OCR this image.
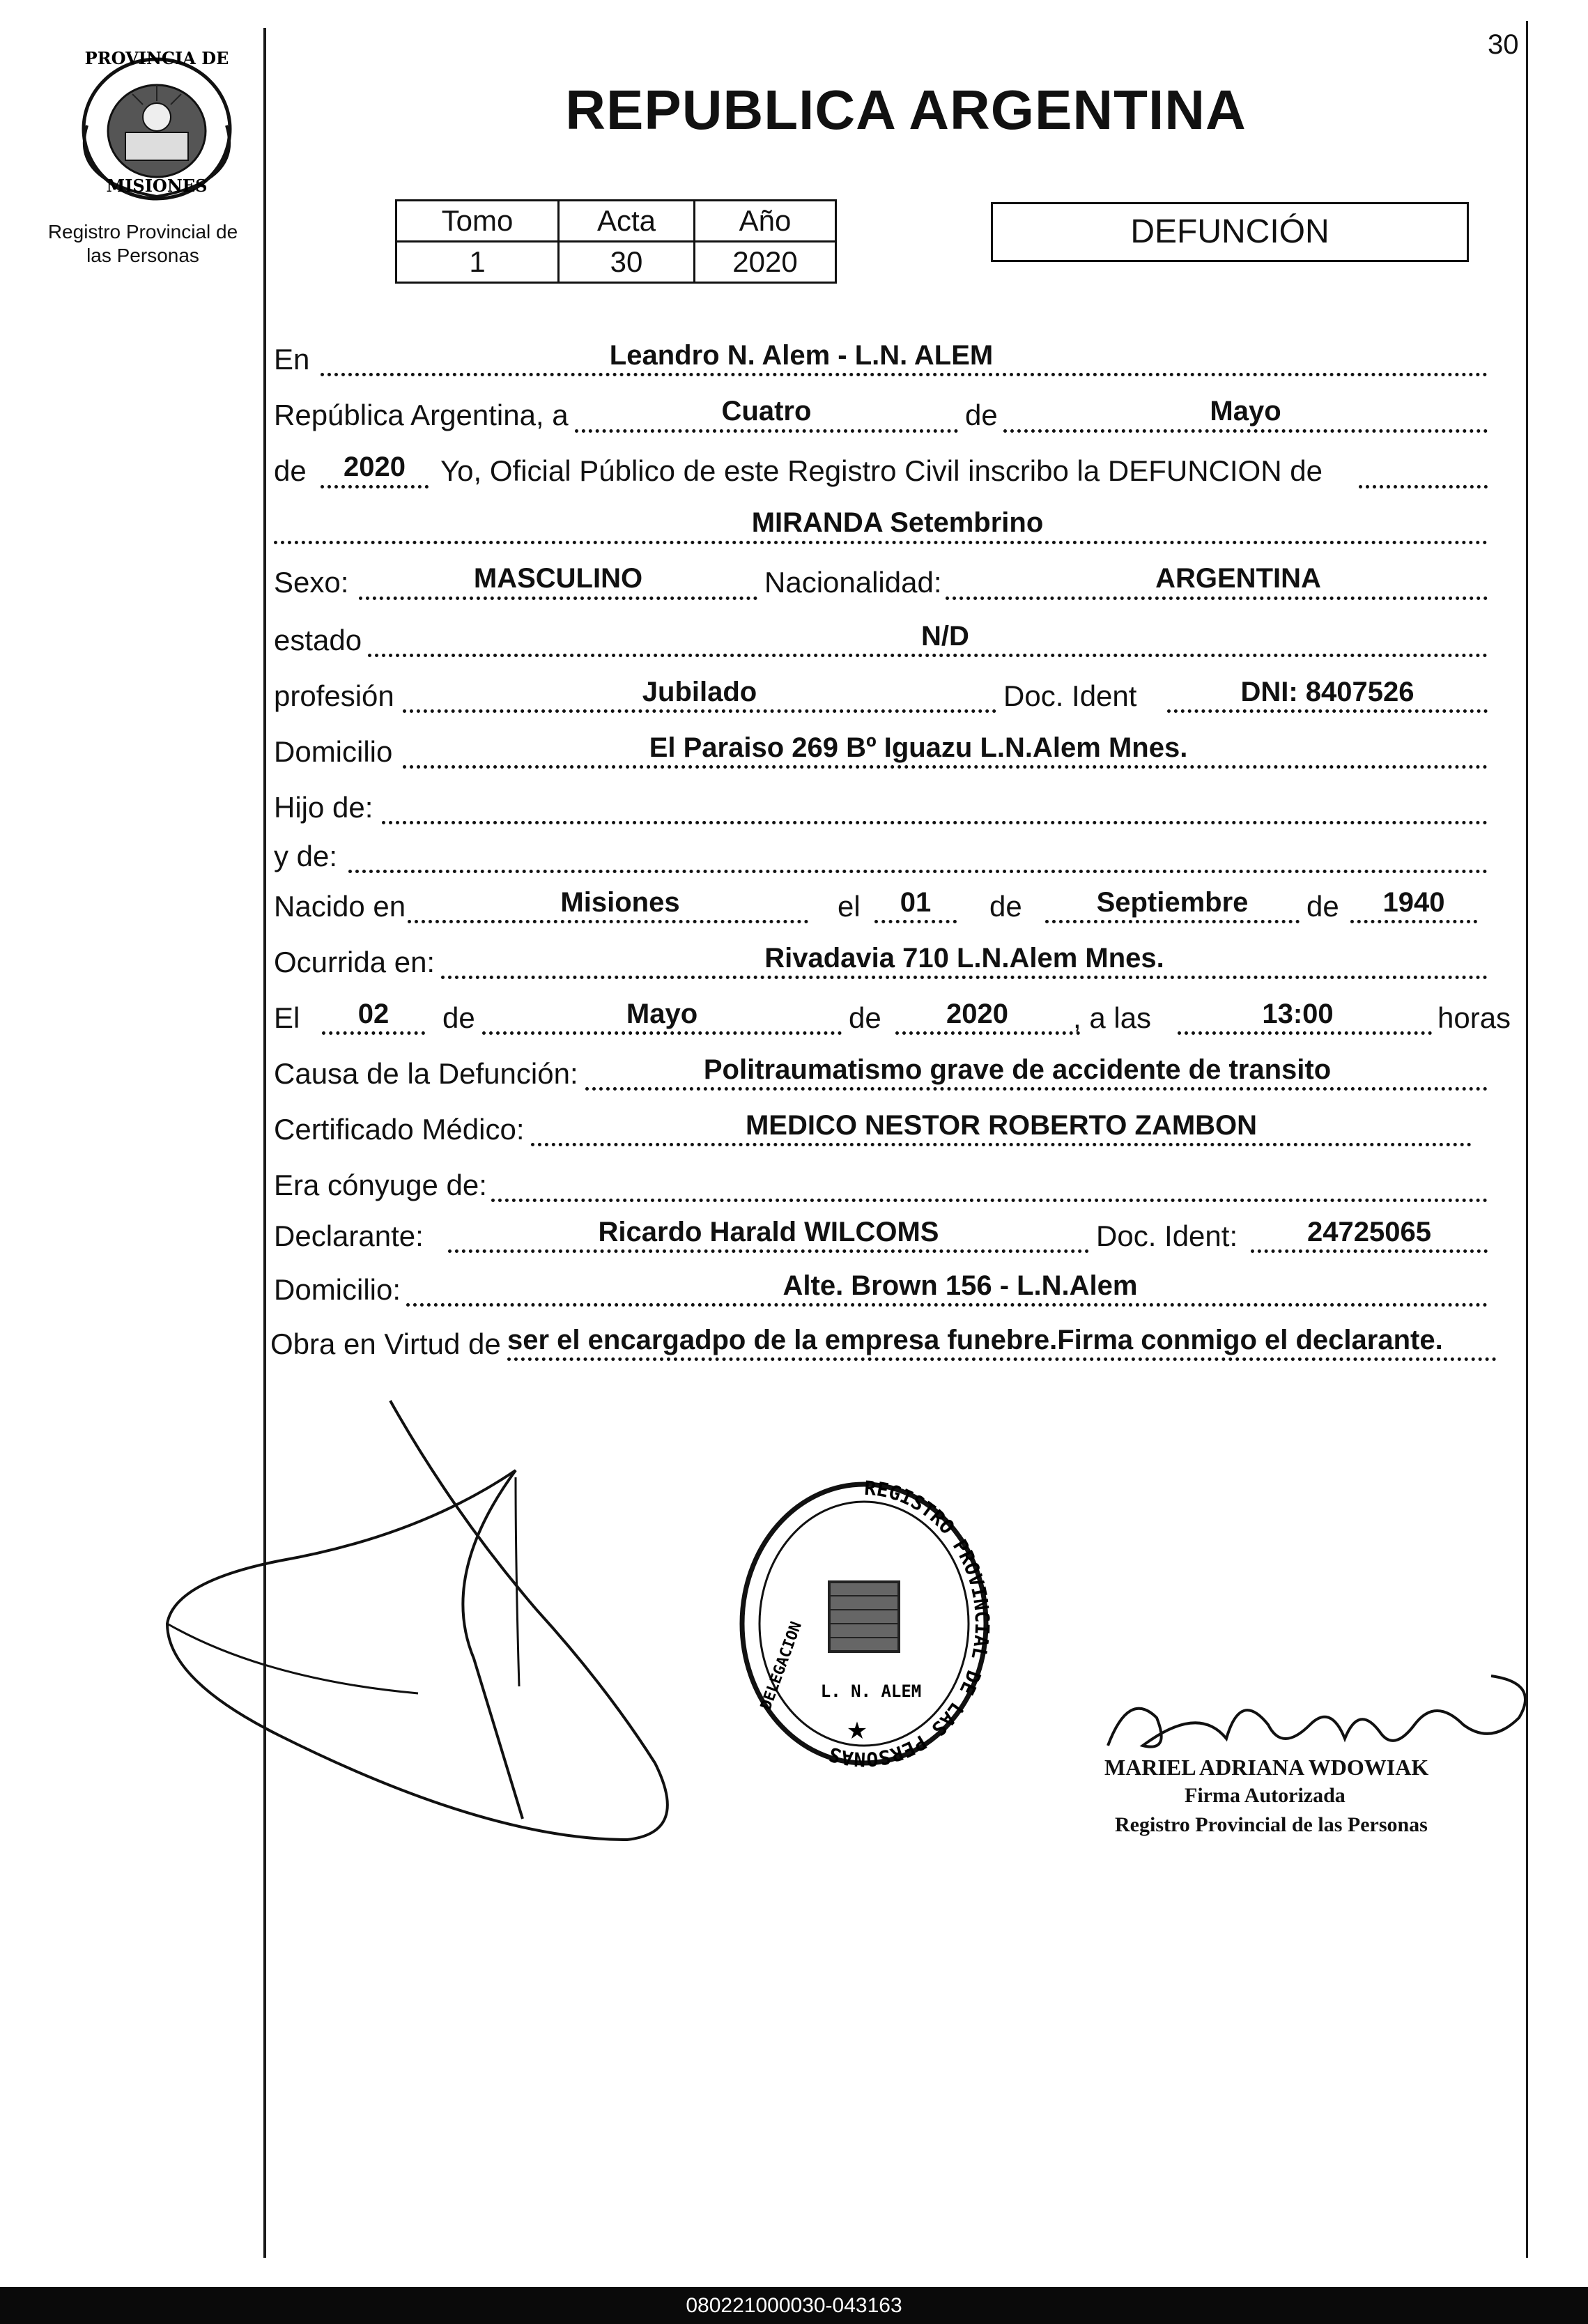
30
PROVINCIA DE
MISIONES
Registro Provincial de
las Personas
REPUBLICA ARGENTINA
Tomo	Acta	Año
1	30	2020
DEFUNCIÓN
En	Leandro N. Alem - L.N. ALEM
República Argentina, a	Cuatro	de	Mayo
de	2020	Yo, Oficial Público de este Registro Civil inscribo la DEFUNCION de
MIRANDA Setembrino
Sexo:	MASCULINO	Nacionalidad:	ARGENTINA
estado	N/D
profesión	Jubilado	Doc. Ident	DNI: 8407526
Domicilio	El Paraiso 269 Bº Iguazu L.N.Alem Mnes.
Hijo de:
y de:
Nacido en	Misiones	el	01	de	Septiembre	de	1940
Ocurrida en:	Rivadavia 710 L.N.Alem Mnes.
El	02	de	Mayo	de	2020	, a las	13:00	horas
Causa de la Defunción:	Politraumatismo grave de accidente de transito
Certificado Médico:	MEDICO NESTOR ROBERTO ZAMBON
Era cónyuge de:
Declarante:	Ricardo Harald WILCOMS	Doc. Ident:	24725065
Domicilio:	Alte. Brown 156 - L.N.Alem
Obra en Virtud de ser el encargadpo de la empresa funebre.Firma conmigo el declarante.
REGISTRO PROVINCIAL DE LAS PERSONAS
L. N. ALEM
DELEGACION
★
MARIEL ADRIANA WDOWIAK
Firma Autorizada
Registro Provincial de las Personas
080221000030-043163
